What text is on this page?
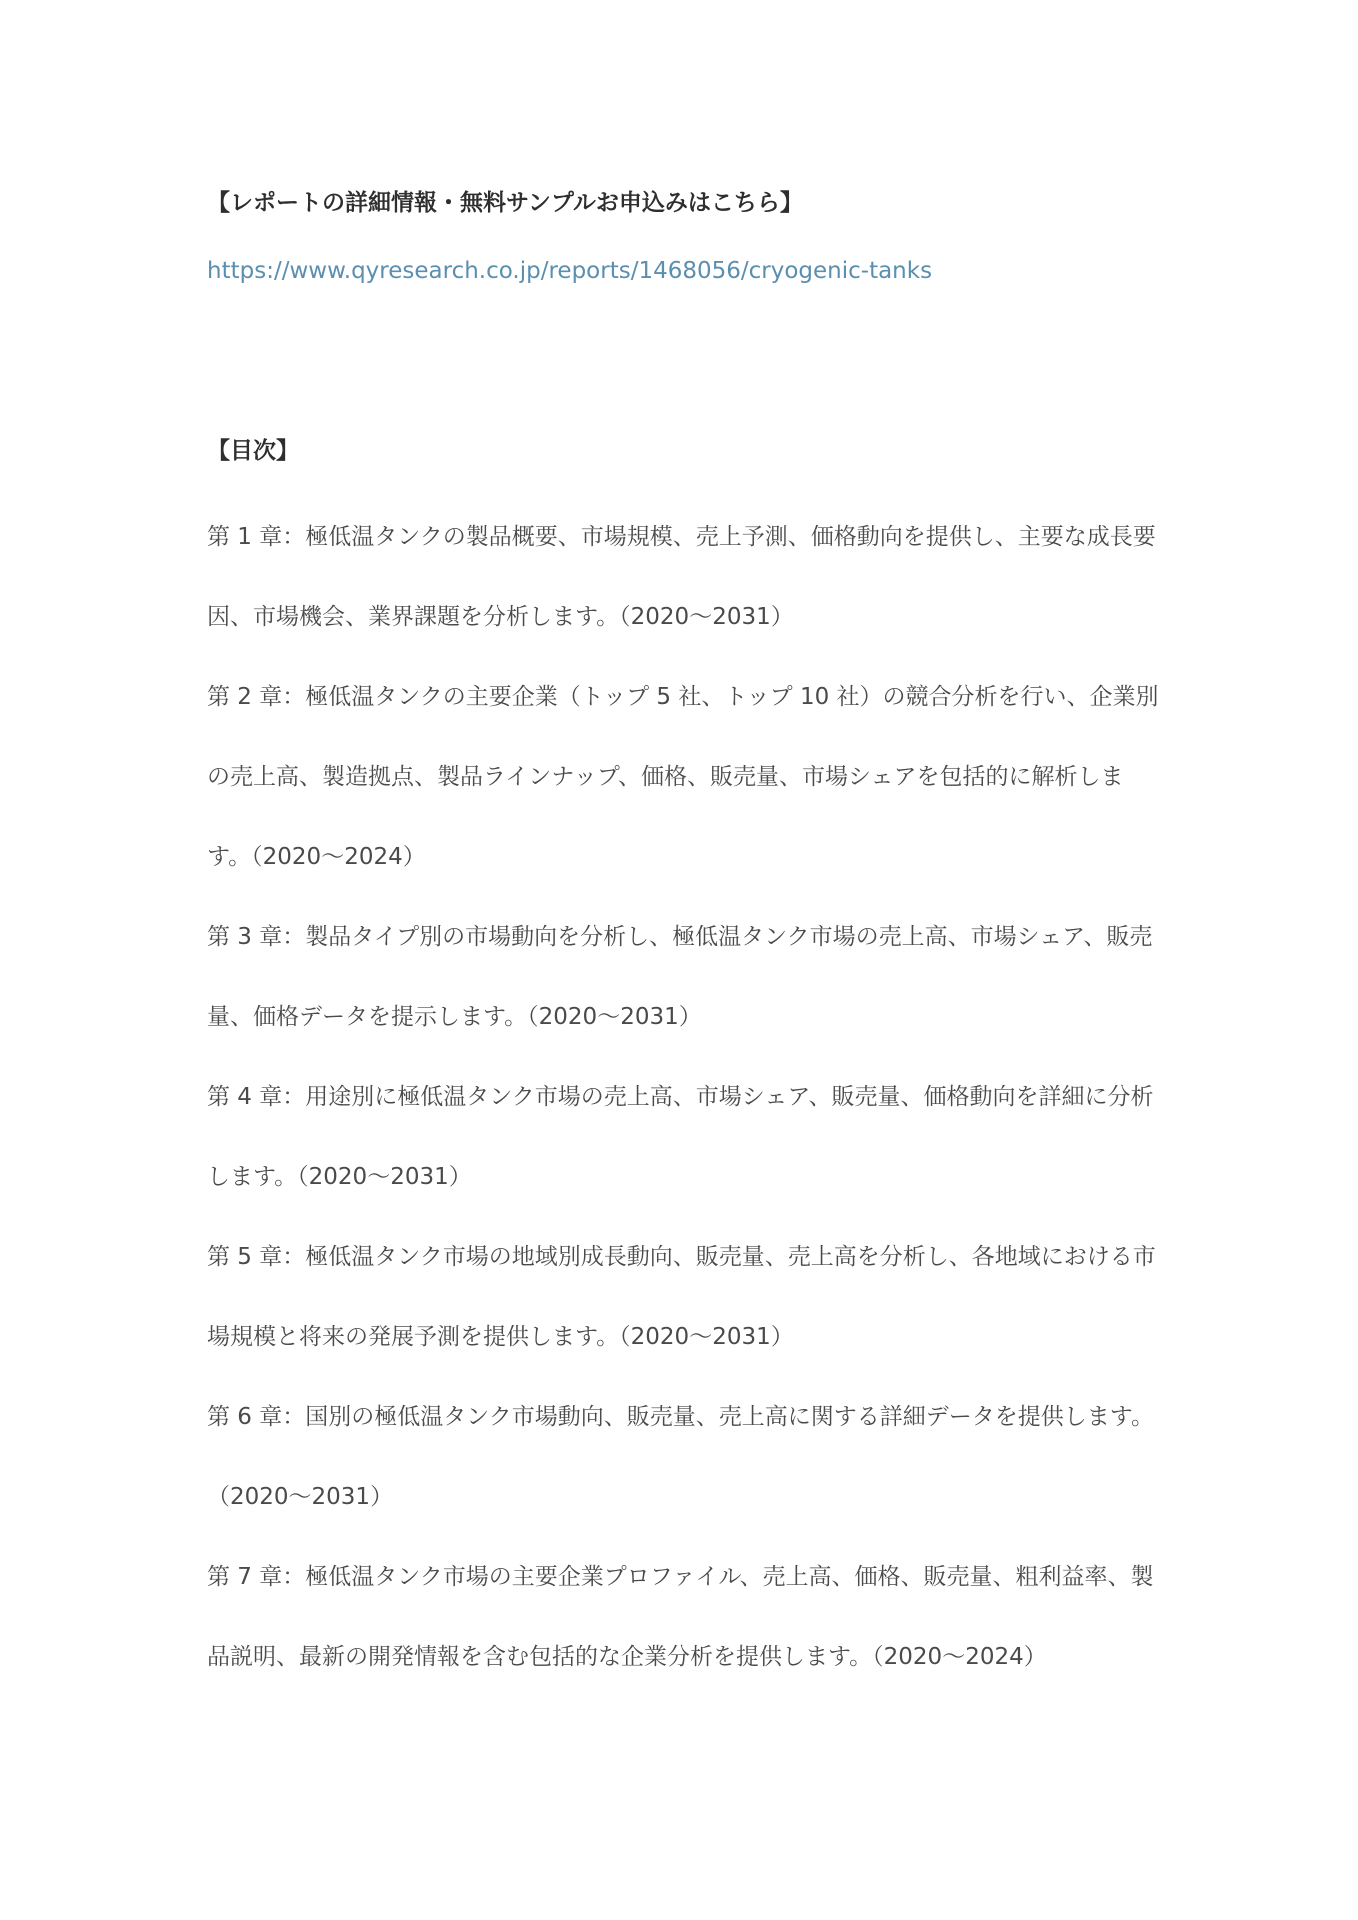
【レポートの詳細情報・無料サンプルお申込みはこちら】
https://www.qyresearch.co.jp/reports/1468056/cryogenic-tanks
【目次】
第 1 章：極低温タンクの製品概要、市場規模、売上予測、価格動向を提供し、主要な成長要因、市場機会、業界課題を分析します。（2020～2031）
第 2 章：極低温タンクの主要企業（トップ 5 社、トップ 10 社）の競合分析を行い、企業別の売上高、製造拠点、製品ラインナップ、価格、販売量、市場シェアを包括的に解析します。（2020～2024）
第 3 章：製品タイプ別の市場動向を分析し、極低温タンク市場の売上高、市場シェア、販売量、価格データを提示します。（2020～2031）
第 4 章：用途別に極低温タンク市場の売上高、市場シェア、販売量、価格動向を詳細に分析します。（2020～2031）
第 5 章：極低温タンク市場の地域別成長動向、販売量、売上高を分析し、各地域における市場規模と将来の発展予測を提供します。（2020～2031）
第 6 章：国別の極低温タンク市場動向、販売量、売上高に関する詳細データを提供します。（2020～2031）
第 7 章：極低温タンク市場の主要企業プロファイル、売上高、価格、販売量、粗利益率、製品説明、最新の開発情報を含む包括的な企業分析を提供します。（2020～2024）
